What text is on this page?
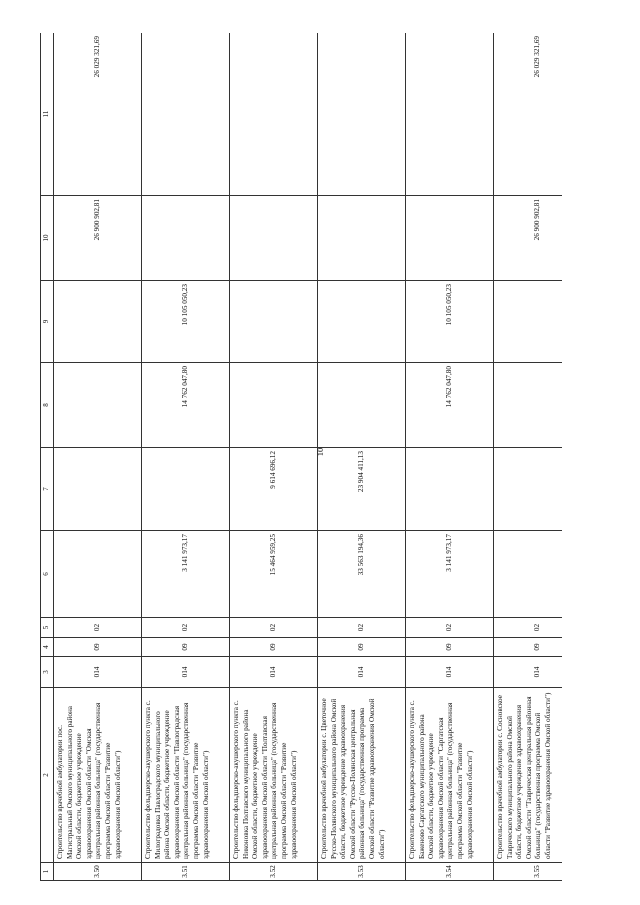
10
1	2	3	4	5	6	7	8	9	10	11
3.50	Строительство врачебной амбулатории пос. Магистральный Омского муниципального района Омской области, бюджетное учреждение здравоохранения Омской области "Омская центральная районная больница" (государственная программа Омской области "Развитие здравоохранения Омской области")	014	09	02					26 900 902,81	26 029 321,69
3.51	Строительство фельдшерско-акушерского пункта с. Милоградовка Павлоградского муниципального района Омской области, бюджетное учреждение здравоохранения Омской области "Павлоградская центральная районная больница" (государственная программа Омской области "Развитие здравоохранения Омской области")	014	09	02	3 141 973,17		14 762 047,80	10 105 050,23		
3.52	Строительство фельдшерско-акушерского пункта с. Никоновка Полтавского муниципального района Омской области, бюджетное учреждение здравоохранения Омской области "Полтавская центральная районная больница" (государственная программа Омской области "Развитие здравоохранения Омской области")	014	09	02	15 464 959,25	9 614 696,12				
3.53	Строительство врачебной амбулатории с. Цветочное Русско-Полянского муниципального района Омской области, бюджетное учреждение здравоохранения Омской области "Русско-Полянская центральная районная больница" (государственная программа Омской области "Развитие здравоохранения Омской области")	014	09	02	33 563 194,36	23 904 411,13				
3.54	Строительство фельдшерско-акушерского пункта с. Баженово Саргатского муниципального района Омской области, бюджетное учреждение здравоохранения Омской области "Саргатская центральная районная больница" (государственная программа Омской области "Развитие здравоохранения Омской области")	014	09	02	3 141 973,17		14 762 047,80	10 105 050,23		
3.55	Строительство врачебной амбулатории с. Сосновское Таврического муниципального района Омской области, бюджетное учреждение здравоохранения Омской области "Таврическая центральная районная больница" (государственная программа Омской области "Развитие здравоохранения Омской области")	014	09	02					26 900 902,81	26 029 321,69
